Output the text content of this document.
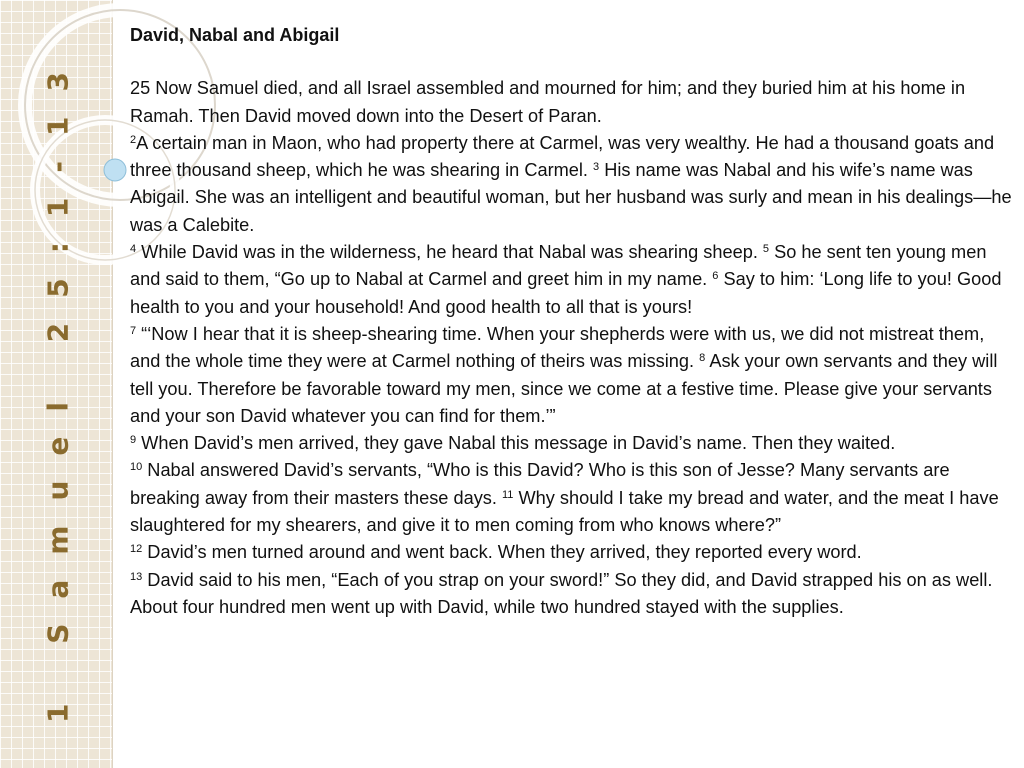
1 Samuel 25:1-13
David, Nabal and Abigail

25 Now Samuel died, and all Israel assembled and mourned for him; and they buried him at his home in Ramah. Then David moved down into the Desert of Paran.

$^2$A certain man in Maon, who had property there at Carmel, was very wealthy. He had a thousand goats and three thousand sheep, which he was shearing in Carmel. $^3$ His name was Nabal and his wife’s name was Abigail. She was an intelligent and beautiful woman, but her husband was surly and mean in his dealings—he was a Calebite.

$^4$ While David was in the wilderness, he heard that Nabal was shearing sheep. $^5$ So he sent ten young men and said to them, “Go up to Nabal at Carmel and greet him in my name. $^6$ Say to him: ‘Long life to you! Good health to you and your household! And good health to all that is yours!

$^7$ “‘Now I hear that it is sheep-shearing time. When your shepherds were with us, we did not mistreat them, and the whole time they were at Carmel nothing of theirs was missing. $^8$ Ask your own servants and they will tell you. Therefore be favorable toward my men, since we come at a festive time. Please give your servants and your son David whatever you can find for them.’”

$^9$ When David’s men arrived, they gave Nabal this message in David’s name. Then they waited.

$^{10}$ Nabal answered David’s servants, “Who is this David? Who is this son of Jesse? Many servants are breaking away from their masters these days. $^{11}$ Why should I take my bread and water, and the meat I have slaughtered for my shearers, and give it to men coming from who knows where?”

$^{12}$ David’s men turned around and went back. When they arrived, they reported every word.

$^{13}$ David said to his men, “Each of you strap on your sword!” So they did, and David strapped his on as well. About four hundred men went up with David, while two hundred stayed with the supplies.
